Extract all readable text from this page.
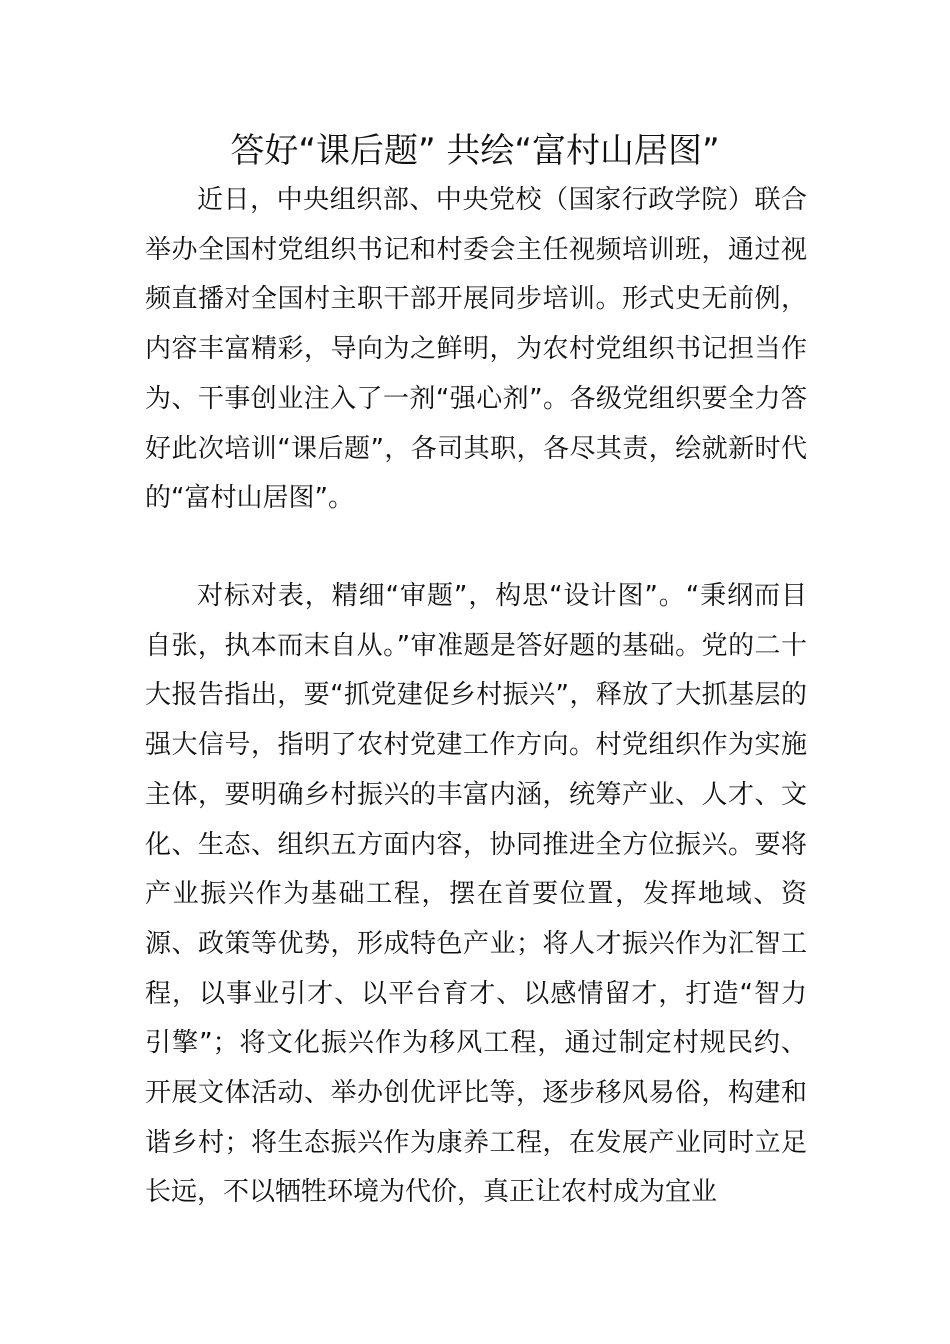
答好“课后题” 共绘“富村山居图”

近日，中央组织部、中央党校（国家行政学院）联合举办全国村党组织书记和村委会主任视频培训班，通过视频直播对全国村主职干部开展同步培训。形式史无前例，内容丰富精彩，导向为之鲜明，为农村党组织书记担当作为、干事创业注入了一剂“强心剂”。各级党组织要全力答好此次培训“课后题”，各司其职，各尽其责，绘就新时代的“富村山居图”。

对标对表，精细“审题”，构思“设计图”。“秉纲而目自张，执本而末自从。”审准题是答好题的基础。党的二十大报告指出，要“抓党建促乡村振兴”，释放了大抓基层的强大信号，指明了农村党建工作方向。村党组织作为实施主体，要明确乡村振兴的丰富内涵，统筹产业、人才、文化、生态、组织五方面内容，协同推进全方位振兴。要将产业振兴作为基础工程，摆在首要位置，发挥地域、资源、政策等优势，形成特色产业；将人才振兴作为汇智工程，以事业引才、以平台育才、以感情留才，打造“智力引擎”；将文化振兴作为移风工程，通过制定村规民约、开展文体活动、举办创优评比等，逐步移风易俗，构建和谐乡村；将生态振兴作为康养工程，在发展产业同时立足长远，不以牺牲环境为代价，真正让农村成为宜业
